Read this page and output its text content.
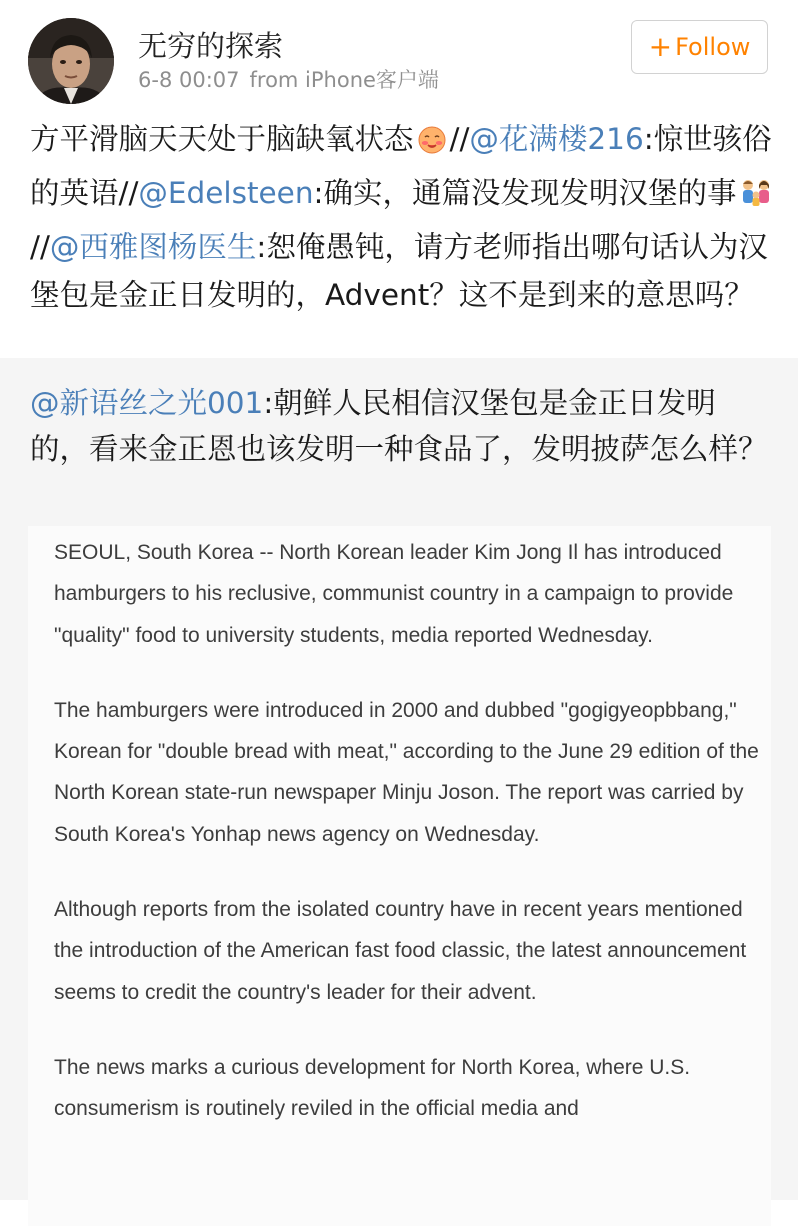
无穷的探索
6-8 00:07 from iPhone客户端
+ Follow
方平滑脑天天处于脑缺氧状态 //@花满楼216:惊世骇俗的英语//@Edelsteen:确实，通篇没发现发明汉堡的事 //@西雅图杨医生:恕俺愚钝，请方老师指出哪句话认为汉堡包是金正日发明的，Advent？这不是到来的意思吗？
@新语丝之光001:朝鲜人民相信汉堡包是金正日发明的，看来金正恩也该发明一种食品了，发明披萨怎么样？

SEOUL, South Korea -- North Korean leader Kim Jong Il has introduced hamburgers to his reclusive, communist country in a campaign to provide "quality" food to university students, media reported Wednesday.

The hamburgers were introduced in 2000 and dubbed "gogigyeopbbang," Korean for "double bread with meat," according to the June 29 edition of the North Korean state-run newspaper Minju Joson. The report was carried by South Korea's Yonhap news agency on Wednesday.

Although reports from the isolated country have in recent years mentioned the introduction of the American fast food classic, the latest announcement seems to credit the country's leader for their advent.

The news marks a curious development for North Korea, where U.S. consumerism is routinely reviled in the official media and
